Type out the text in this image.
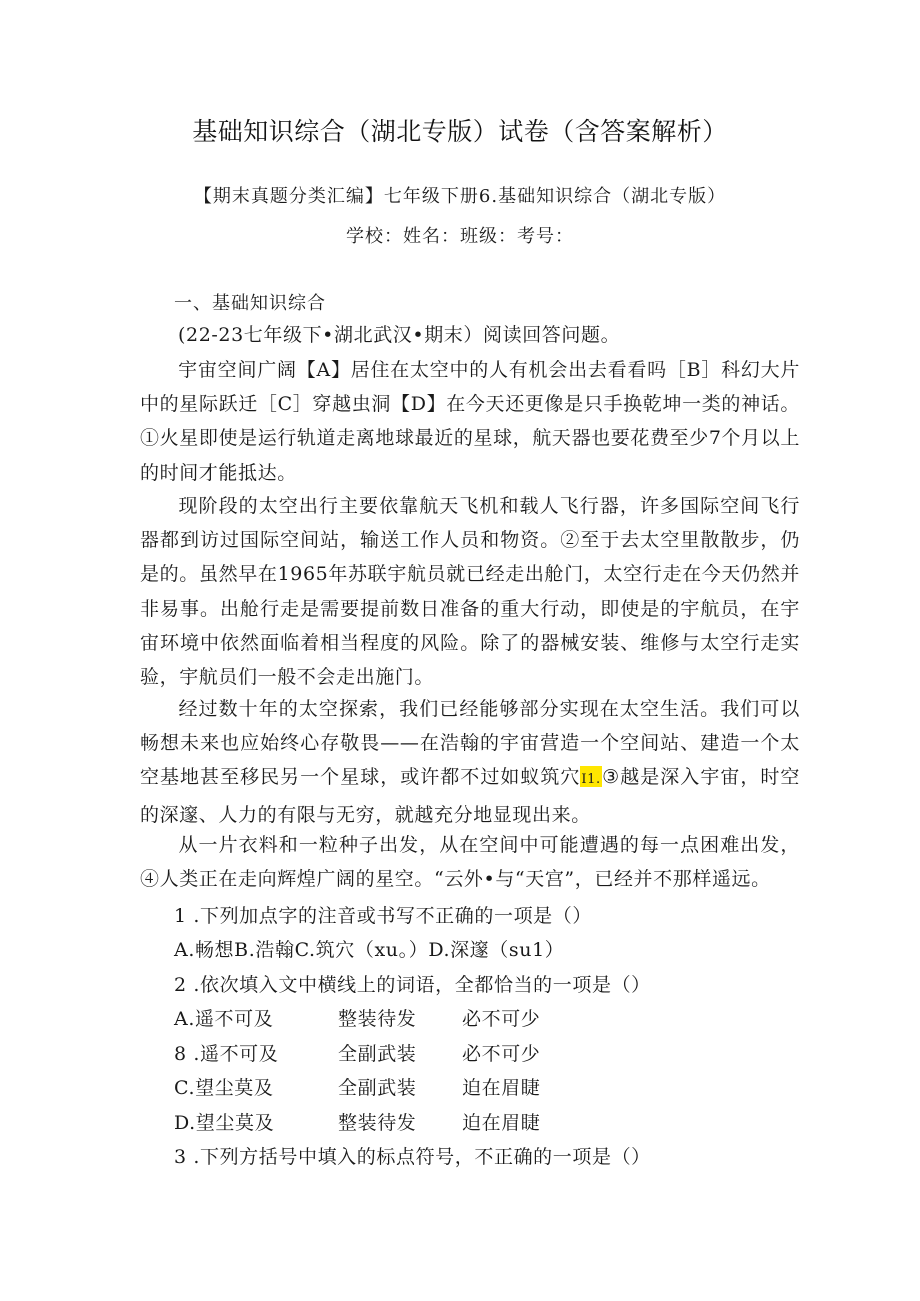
基础知识综合（湖北专版）试卷（含答案解析）
【期末真题分类汇编】七年级下册6.基础知识综合（湖北专版）
学校：姓名：班级：考号：
一、基础知识综合

(22-23七年级下•湖北武汉•期末）阅读回答问题。

宇宙空间广阔【A】居住在太空中的人有机会出去看看吗［B］科幻大片中的星际跃迁［C］穿越虫洞【D】在今天还更像是只手换乾坤一类的神话。①火星即使是运行轨道走离地球最近的星球，航天器也要花费至少7个月以上的时间才能抵达。

现阶段的太空出行主要依靠航天飞机和载人飞行器，许多国际空间飞行器都到访过国际空间站，输送工作人员和物资。②至于去太空里散散步，仍是的。虽然早在1965年苏联宇航员就已经走出舱门，太空行走在今天仍然并非易事。出舱行走是需要提前数日准备的重大行动，即使是的宇航员，在宇宙环境中依然面临着相当程度的风险。除了的器械安装、维修与太空行走实验，宇航员们一般不会走出施门。

经过数十年的太空探索，我们已经能够部分实现在太空生活。我们可以畅想未来也应始终心存敬畏——在浩翰的宇宙营造一个空间站、建造一个太空基地甚至移民另一个星球，或许都不过如蚁筑穴I1.③越是深入宇宙，时空的深邃、人力的有限与无穷，就越充分地显现出来。

从一片衣料和一粒种子出发，从在空间中可能遭遇的每一点困难出发，④人类正在走向辉煌广阔的星空。“云外•与“天宫”，已经并不那样遥远。

1 .下列加点字的注音或书写不正确的一项是（）
A.畅想B.浩翰C.筑穴（xu。）D.深邃（su1）
2 .依次填入文中横线上的词语，全都恰当的一项是（）
A.遥不可及	整装待发 必不可少
8 .遥不可及	全副武装 必不可少
C.望尘莫及	全副武装 迫在眉睫
D.望尘莫及	整装待发 迫在眉睫
3 .下列方括号中填入的标点符号，不正确的一项是（）
